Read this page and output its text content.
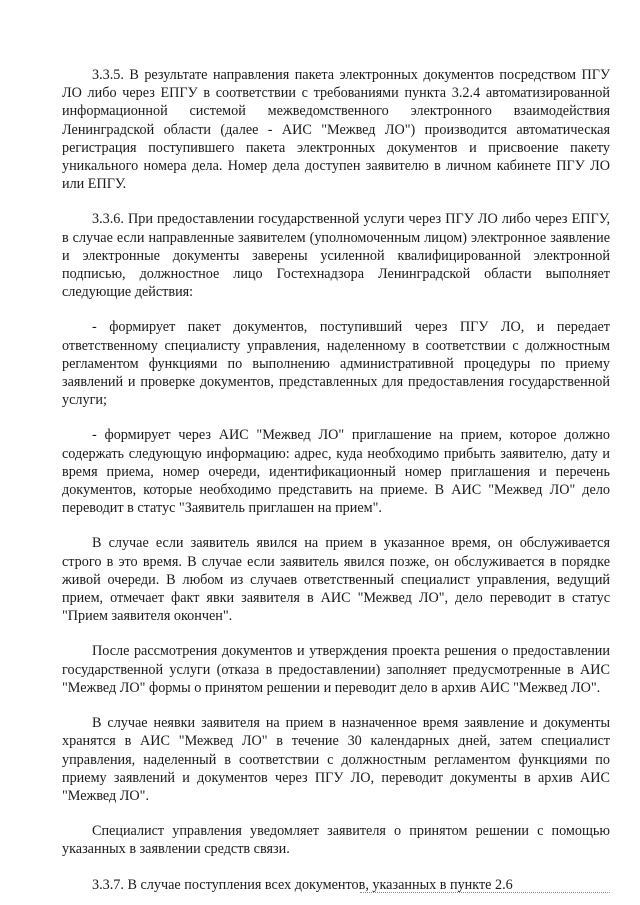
3.3.5. В результате направления пакета электронных документов посредством ПГУ ЛО либо через ЕПГУ в соответствии с требованиями пункта 3.2.4 автоматизированной информационной системой межведомственного электронного взаимодействия Ленинградской области (далее - АИС "Межвед ЛО") производится автоматическая регистрация поступившего пакета электронных документов и присвоение пакету уникального номера дела. Номер дела доступен заявителю в личном кабинете ПГУ ЛО или ЕПГУ.

3.3.6. При предоставлении государственной услуги через ПГУ ЛО либо через ЕПГУ, в случае если направленные заявителем (уполномоченным лицом) электронное заявление и электронные документы заверены усиленной квалифицированной электронной подписью, должностное лицо Гостехнадзора Ленинградской области выполняет следующие действия:

- формирует пакет документов, поступивший через ПГУ ЛО, и передает ответственному специалисту управления, наделенному в соответствии с должностным регламентом функциями по выполнению административной процедуры по приему заявлений и проверке документов, представленных для предоставления государственной услуги;

- формирует через АИС "Межвед ЛО" приглашение на прием, которое должно содержать следующую информацию: адрес, куда необходимо прибыть заявителю, дату и время приема, номер очереди, идентификационный номер приглашения и перечень документов, которые необходимо представить на приеме. В АИС "Межвед ЛО" дело переводит в статус "Заявитель приглашен на прием".

В случае если заявитель явился на прием в указанное время, он обслуживается строго в это время. В случае если заявитель явился позже, он обслуживается в порядке живой очереди. В любом из случаев ответственный специалист управления, ведущий прием, отмечает факт явки заявителя в АИС "Межвед ЛО", дело переводит в статус "Прием заявителя окончен".

После рассмотрения документов и утверждения проекта решения о предоставлении государственной услуги (отказа в предоставлении) заполняет предусмотренные в АИС "Межвед ЛО" формы о принятом решении и переводит дело в архив АИС "Межвед ЛО".

В случае неявки заявителя на прием в назначенное время заявление и документы хранятся в АИС "Межвед ЛО" в течение 30 календарных дней, затем специалист управления, наделенный в соответствии с должностным регламентом функциями по приему заявлений и документов через ПГУ ЛО, переводит документы в архив АИС "Межвед ЛО".

Специалист управления уведомляет заявителя о принятом решении с помощью указанных в заявлении средств связи.

3.3.7. В случае поступления всех документов, указанных в пункте 2.6
